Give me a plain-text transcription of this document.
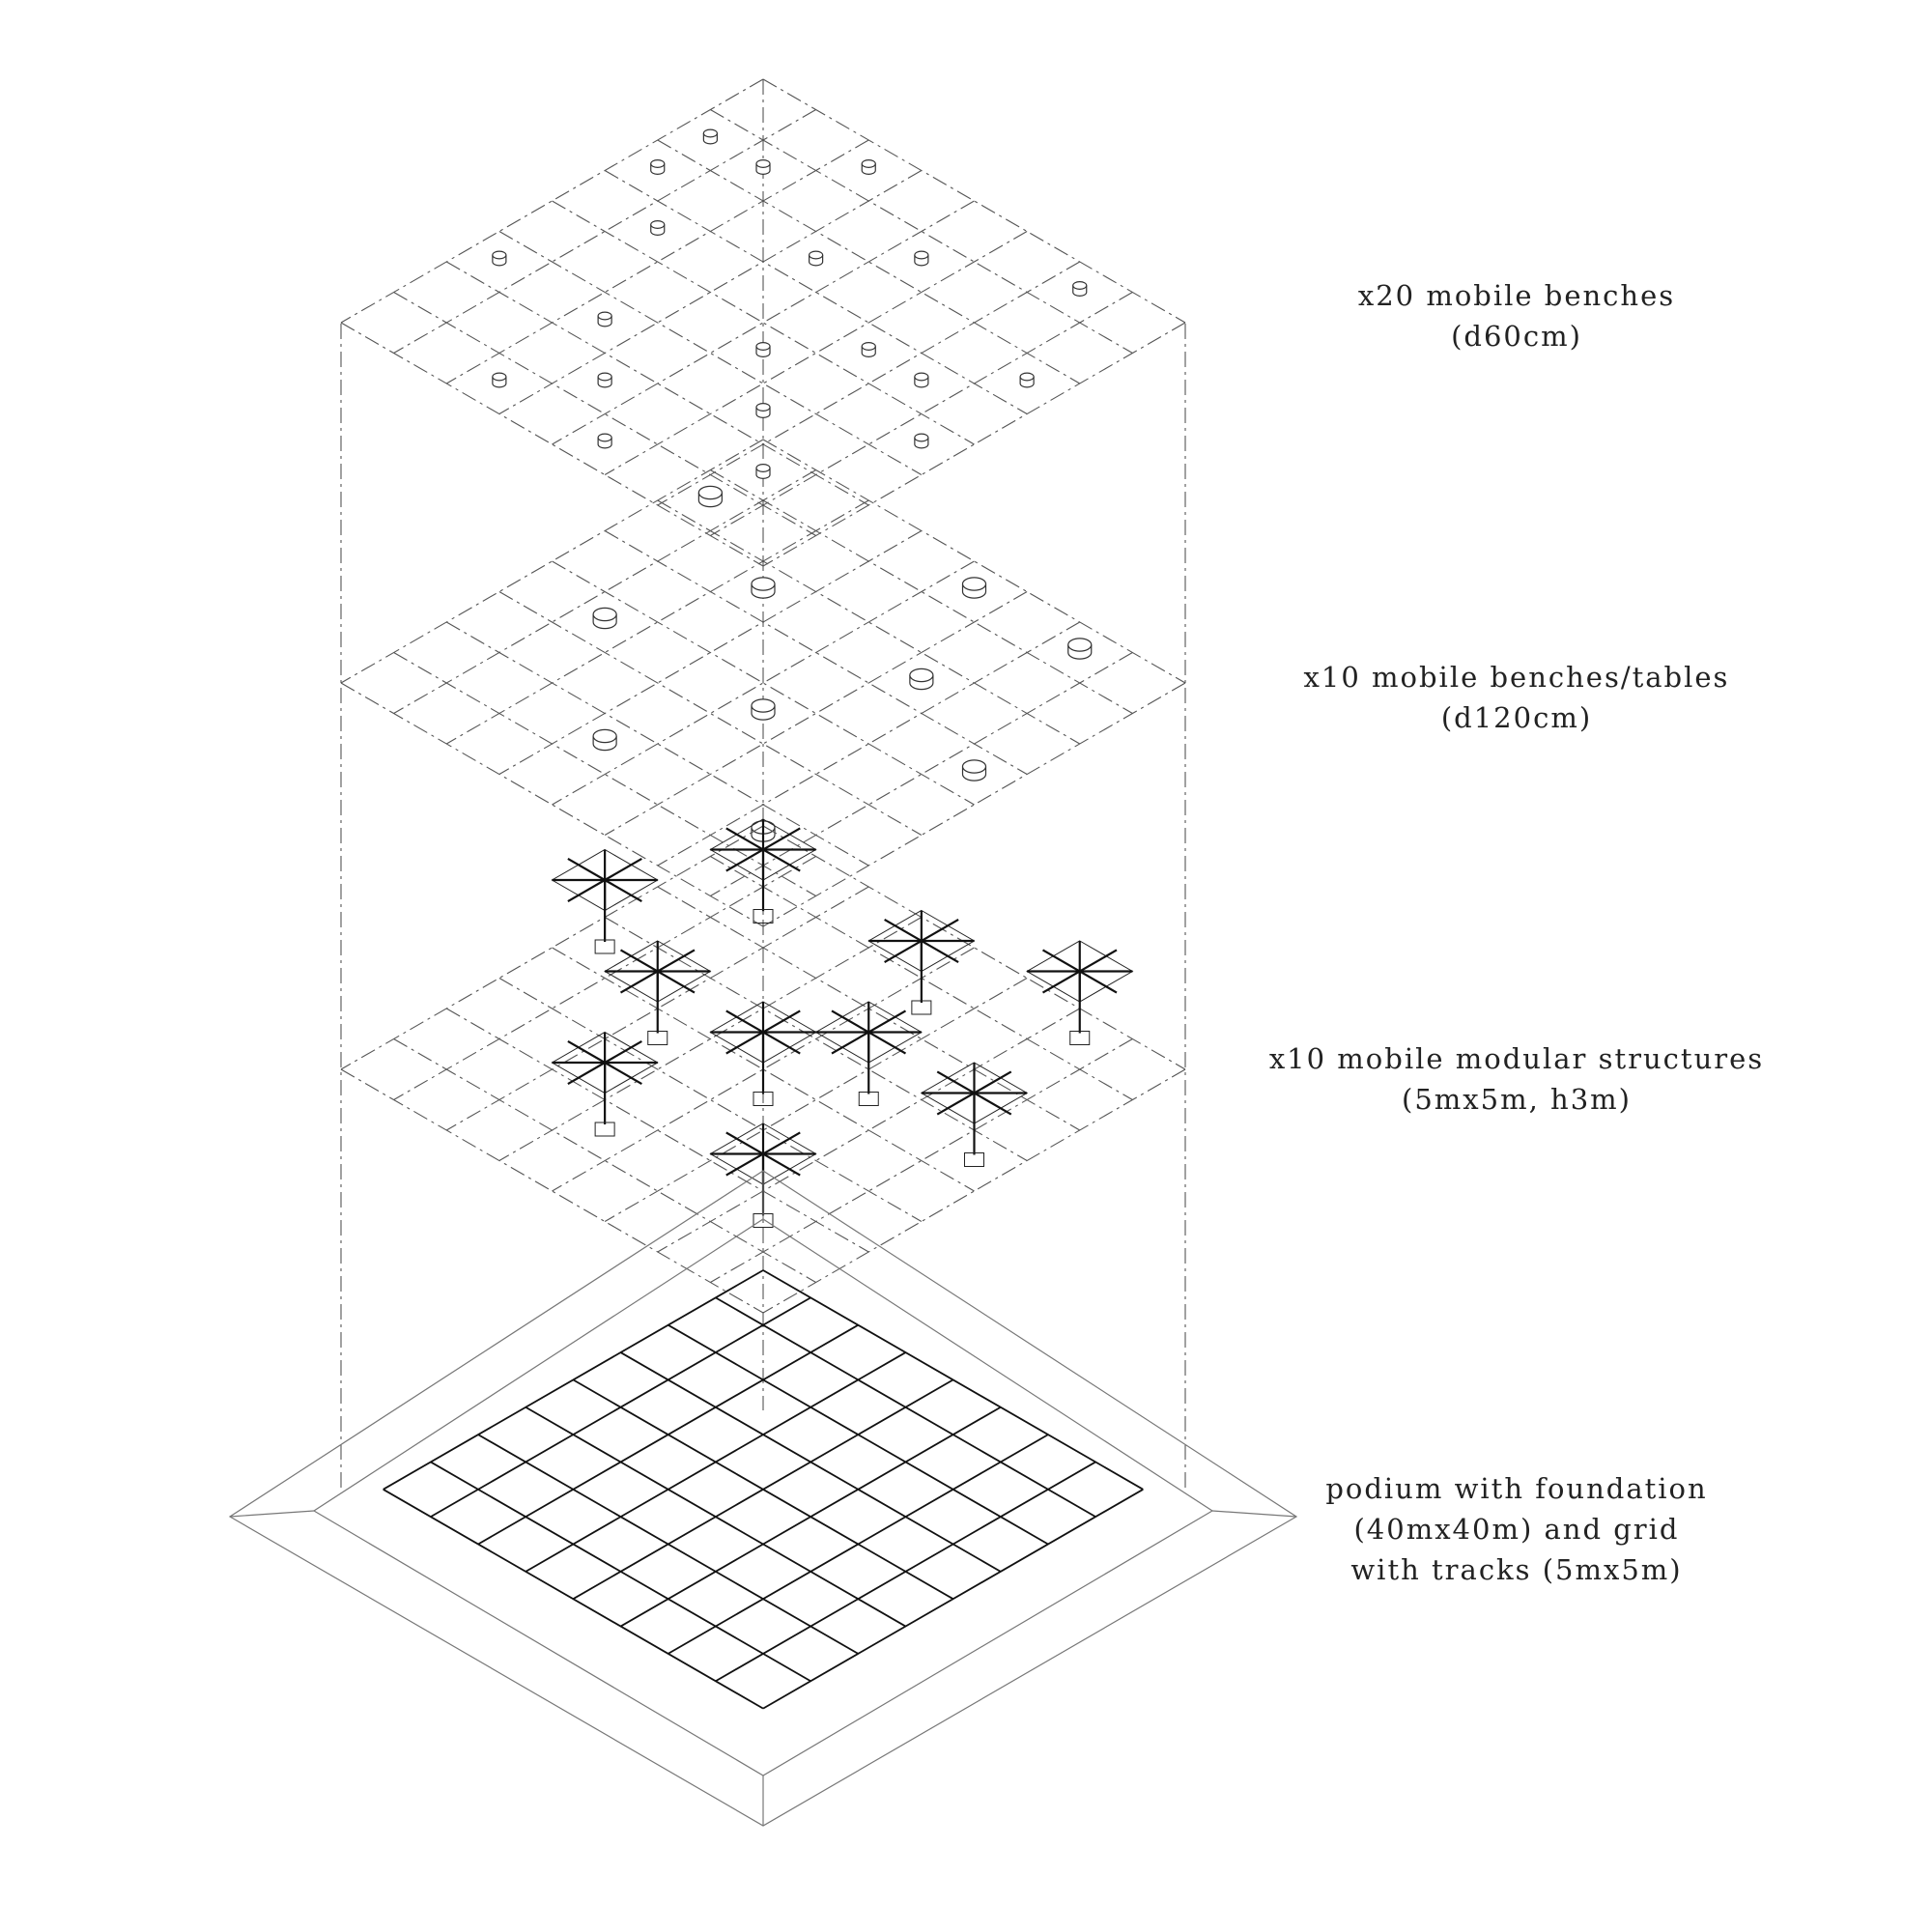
x20 mobile benches
(d60cm)
x10 mobile benches/tables
(d120cm)
x10 mobile modular structures
(5mx5m, h3m)
podium with foundation
(40mx40m) and grid
with tracks (5mx5m)
